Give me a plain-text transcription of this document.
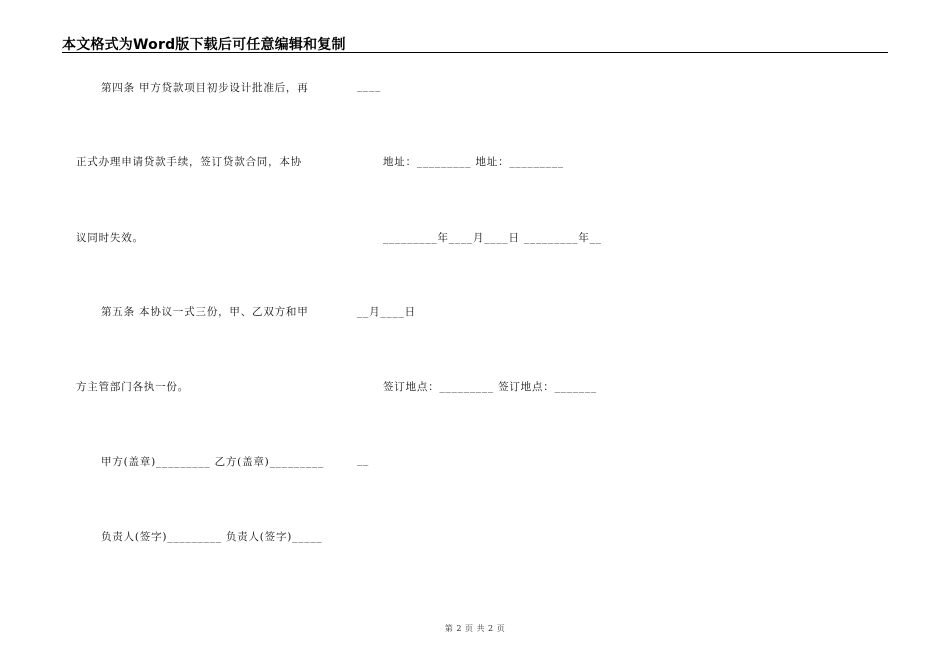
本文格式为Word版下载后可任意编辑和复制
第四条 甲方贷款项目初步设计批准后，再
正式办理申请贷款手续，签订贷款合同，本协
议同时失效。
第五条 本协议一式三份，甲、乙双方和甲
方主管部门各执一份。
甲方(盖章)_________ 乙方(盖章)_________
负责人(签字)_________ 负责人(签字)_____
____
地址：_________ 地址：_________
_________年____月____日 _________年__
__月____日
签订地点：_________ 签订地点：_______
__
第 2 页 共 2 页
